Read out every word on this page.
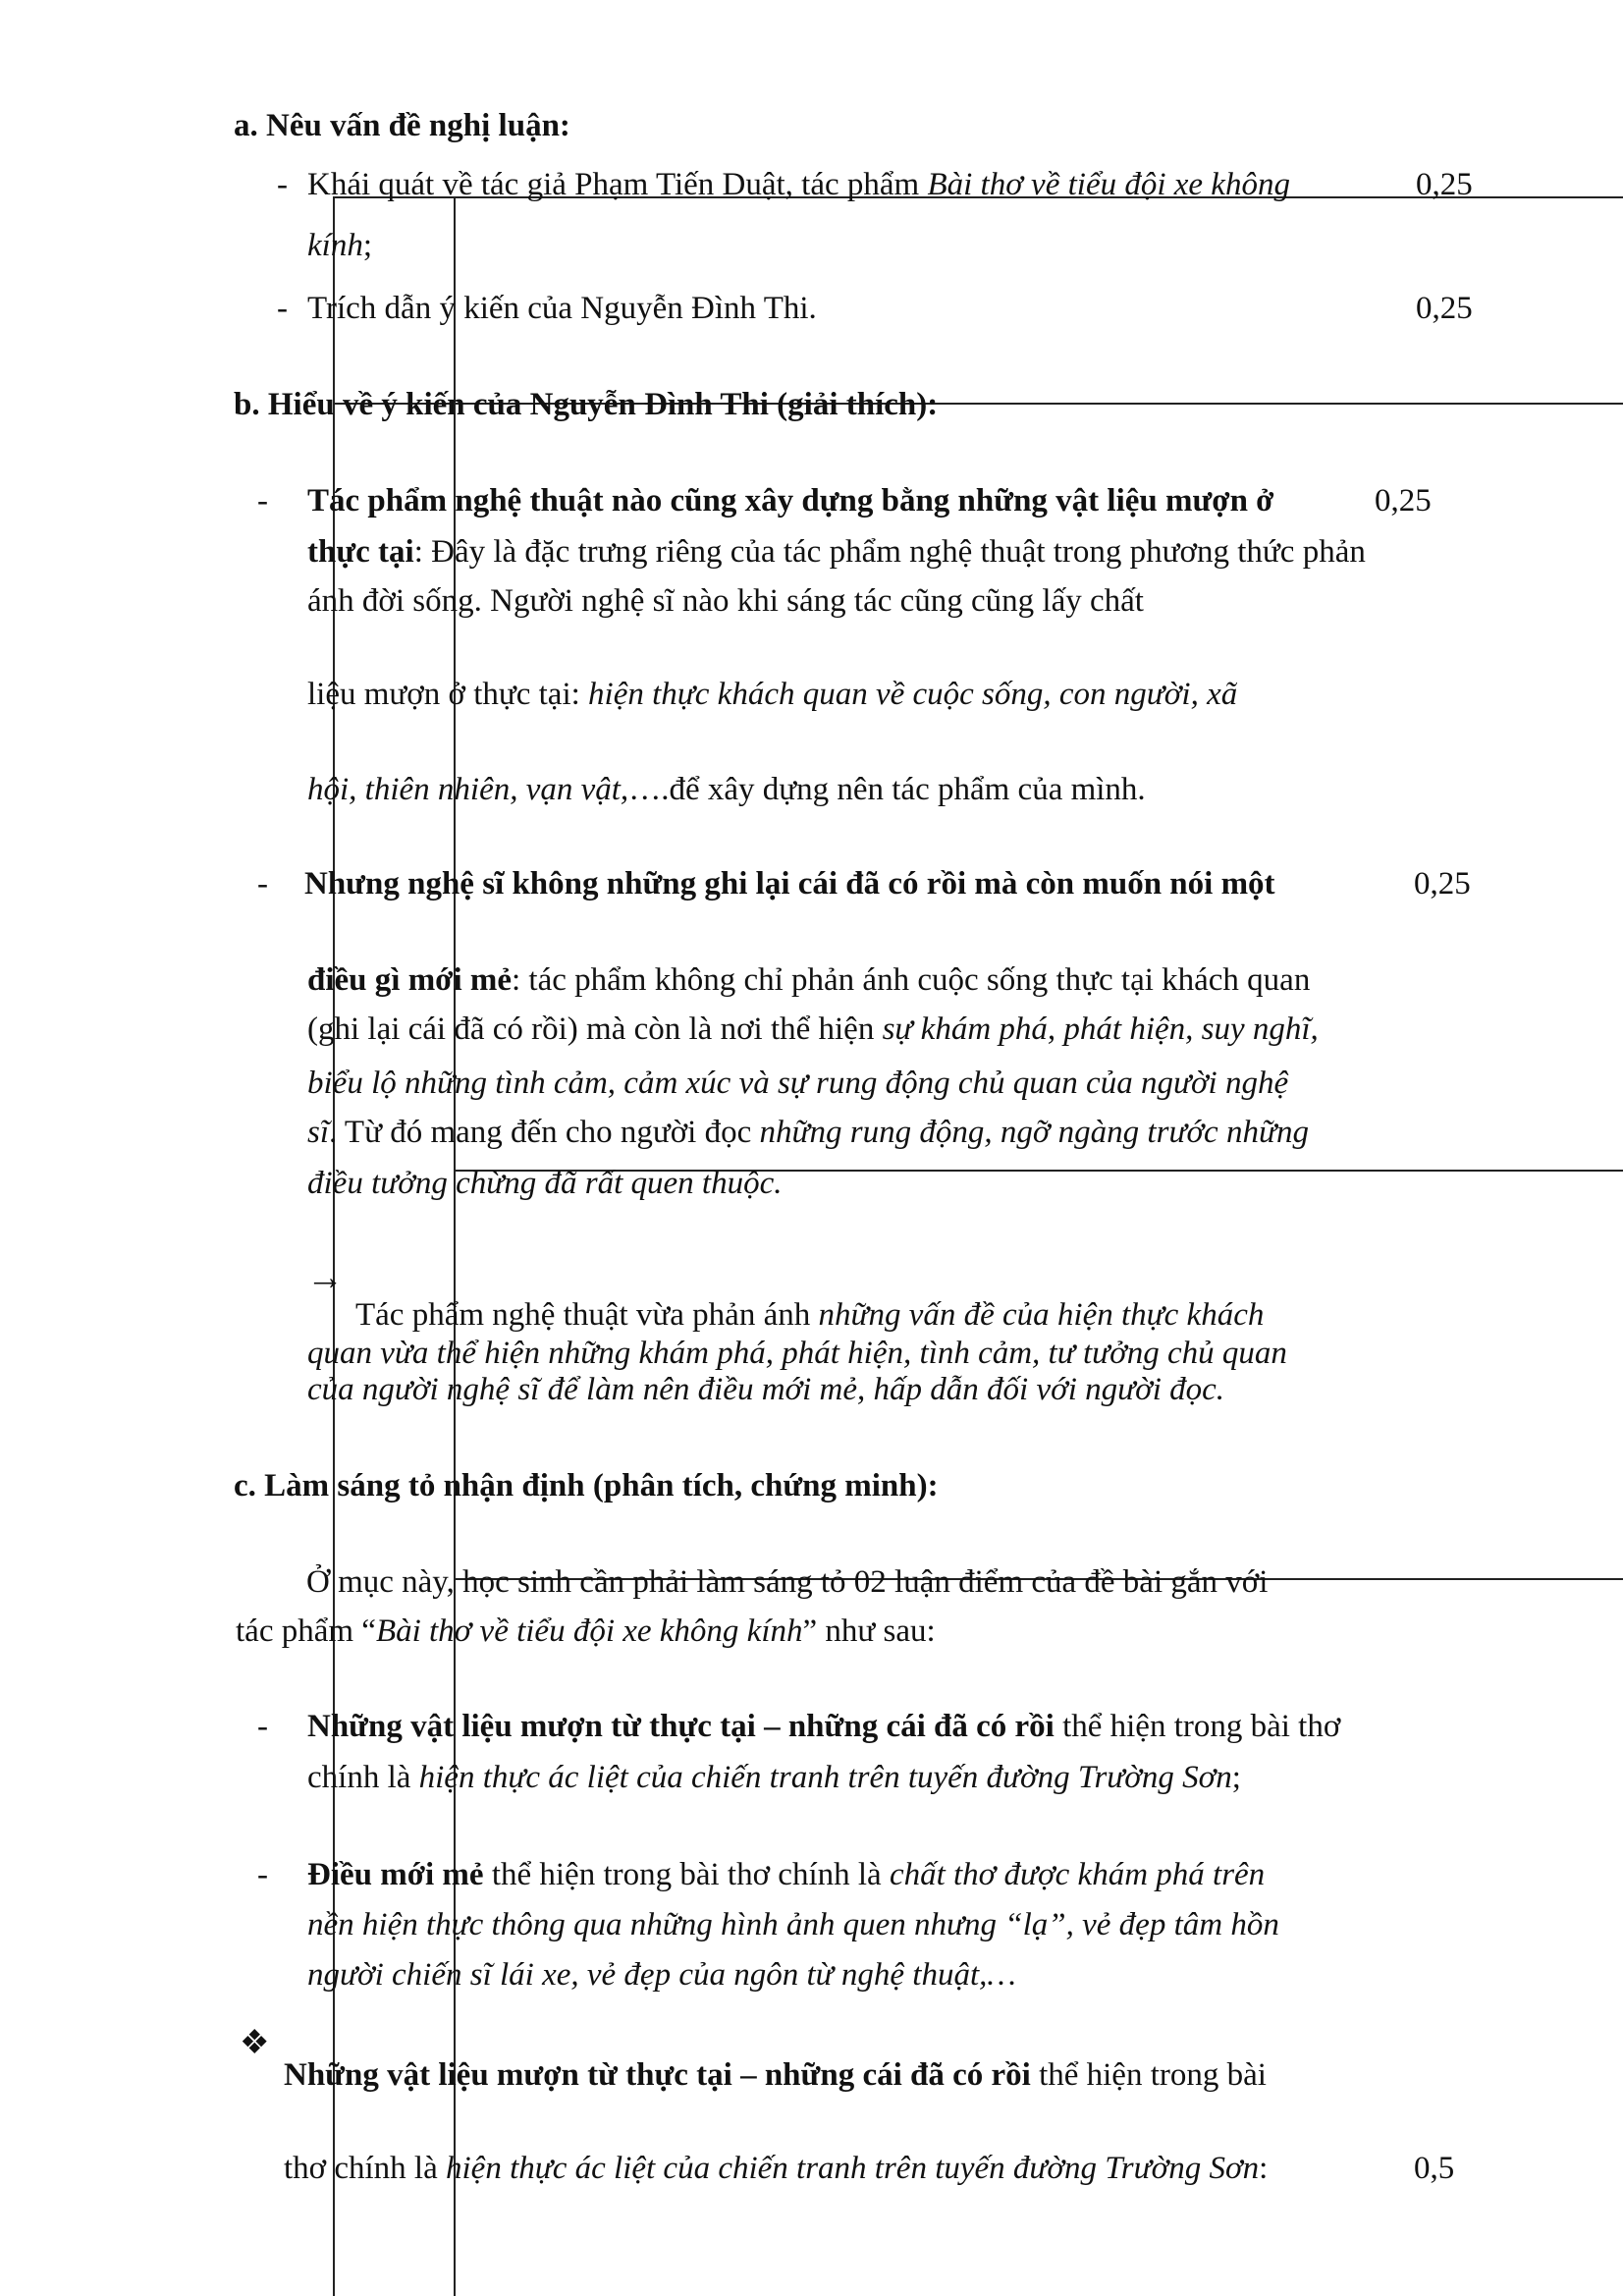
a. Nêu vấn đề nghị luận:
- Khái quát về tác giả Phạm Tiến Duật, tác phẩm Bài thơ về tiểu đội xe không	0,25
kính;
- Trích dẫn ý kiến của Nguyễn Đình Thi.	0,25
b. Hiểu về ý kiến của Nguyễn Đình Thi (giải thích):
- Tác phẩm nghệ thuật nào cũng xây dựng bằng những vật liệu mượn ở	0,25
thực tại: Đây là đặc trưng riêng của tác phẩm nghệ thuật trong phương thức phản
ánh đời sống. Người nghệ sĩ nào khi sáng tác cũng cũng lấy chất
liệu mượn ở thực tại: hiện thực khách quan về cuộc sống, con người, xã
hội, thiên nhiên, vạn vật,….để xây dựng nên tác phẩm của mình.
- Nhưng nghệ sĩ không những ghi lại cái đã có rồi mà còn muốn nói một	0,25
điều gì mới mẻ: tác phẩm không chỉ phản ánh cuộc sống thực tại khách quan
(ghi lại cái đã có rồi) mà còn là nơi thể hiện sự khám phá, phát hiện, suy nghĩ,
biểu lộ những tình cảm, cảm xúc và sự rung động chủ quan của người nghệ
sĩ. Từ đó mang đến cho người đọc những rung động, ngỡ ngàng trước những
điều tưởng chừng đã rất quen thuộc.
→
Tác phẩm nghệ thuật vừa phản ánh những vấn đề của hiện thực khách
quan vừa thể hiện những khám phá, phát hiện, tình cảm, tư tưởng chủ quan
của người nghệ sĩ để làm nên điều mới mẻ, hấp dẫn đối với người đọc.
c. Làm sáng tỏ nhận định (phân tích, chứng minh):
Ở mục này, học sinh cần phải làm sáng tỏ 02 luận điểm của đề bài gắn với
tác phẩm “Bài thơ về tiểu đội xe không kính” như sau:
- Những vật liệu mượn từ thực tại – những cái đã có rồi thể hiện trong bài thơ
chính là hiện thực ác liệt của chiến tranh trên tuyến đường Trường Sơn;
- Điều mới mẻ thể hiện trong bài thơ chính là chất thơ được khám phá trên
nền hiện thực thông qua những hình ảnh quen nhưng “lạ”, vẻ đẹp tâm hồn
người chiến sĩ lái xe, vẻ đẹp của ngôn từ nghệ thuật,…
❖
Những vật liệu mượn từ thực tại – những cái đã có rồi thể hiện trong bài
thơ chính là hiện thực ác liệt của chiến tranh trên tuyến đường Trường Sơn:	0,5
